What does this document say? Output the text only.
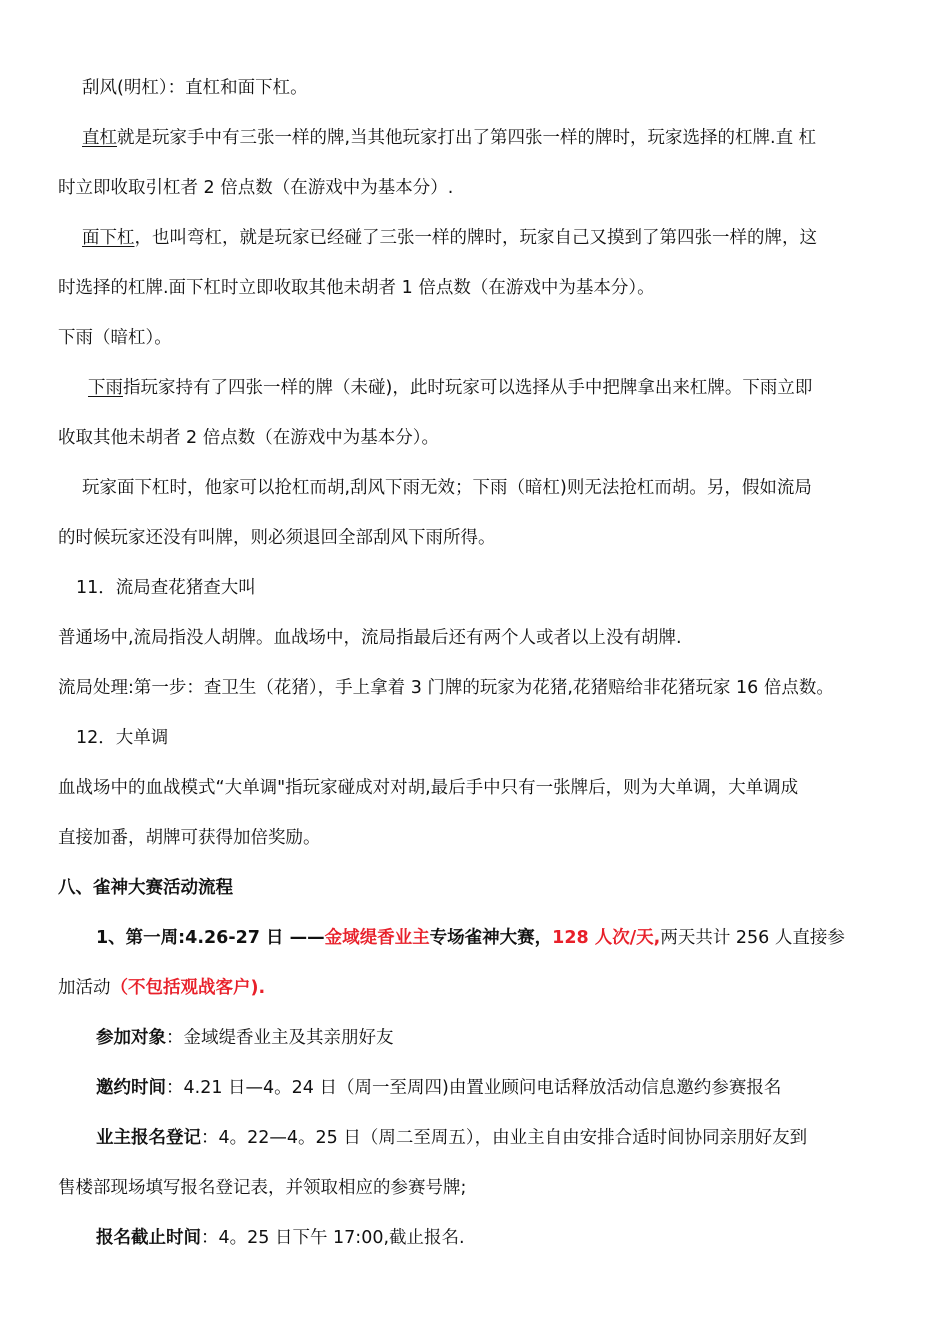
刮风(明杠）：直杠和面下杠。
直杠就是玩家手中有三张一样的牌,当其他玩家打出了第四张一样的牌时，玩家选择的杠牌.直 杠
时立即收取引杠者 2 倍点数（在游戏中为基本分）.
面下杠，也叫弯杠，就是玩家已经碰了三张一样的牌时，玩家自己又摸到了第四张一样的牌，这
时选择的杠牌.面下杠时立即收取其他未胡者 1 倍点数（在游戏中为基本分）。
下雨（暗杠）。
下雨指玩家持有了四张一样的牌（未碰)，此时玩家可以选择从手中把牌拿出来杠牌。下雨立即
收取其他未胡者 2 倍点数（在游戏中为基本分）。
玩家面下杠时，他家可以抢杠而胡,刮风下雨无效；下雨（暗杠)则无法抢杠而胡。另，假如流局
的时候玩家还没有叫牌，则必须退回全部刮风下雨所得。
11．流局查花猪查大叫
普通场中,流局指没人胡牌。血战场中，流局指最后还有两个人或者以上没有胡牌.
流局处理:第一步：查卫生（花猪），手上拿着 3 门牌的玩家为花猪,花猪赔给非花猪玩家 16 倍点数。
12．大单调
血战场中的血战模式“大单调"指玩家碰成对对胡,最后手中只有一张牌后，则为大单调，大单调成
直接加番，胡牌可获得加倍奖励。
八、雀神大赛活动流程
1、第一周:4.26-27 日 ——金域缇香业主专场雀神大赛，128 人次/天,两天共计 256 人直接参
加活动（不包括观战客户).
参加对象：金域缇香业主及其亲朋好友
邀约时间：4.21 日—4。24 日（周一至周四)由置业顾问电话释放活动信息邀约参赛报名
业主报名登记：4。22—4。25 日（周二至周五），由业主自由安排合适时间协同亲朋好友到
售楼部现场填写报名登记表，并领取相应的参赛号牌;
报名截止时间：4。25 日下午 17:00,截止报名.
